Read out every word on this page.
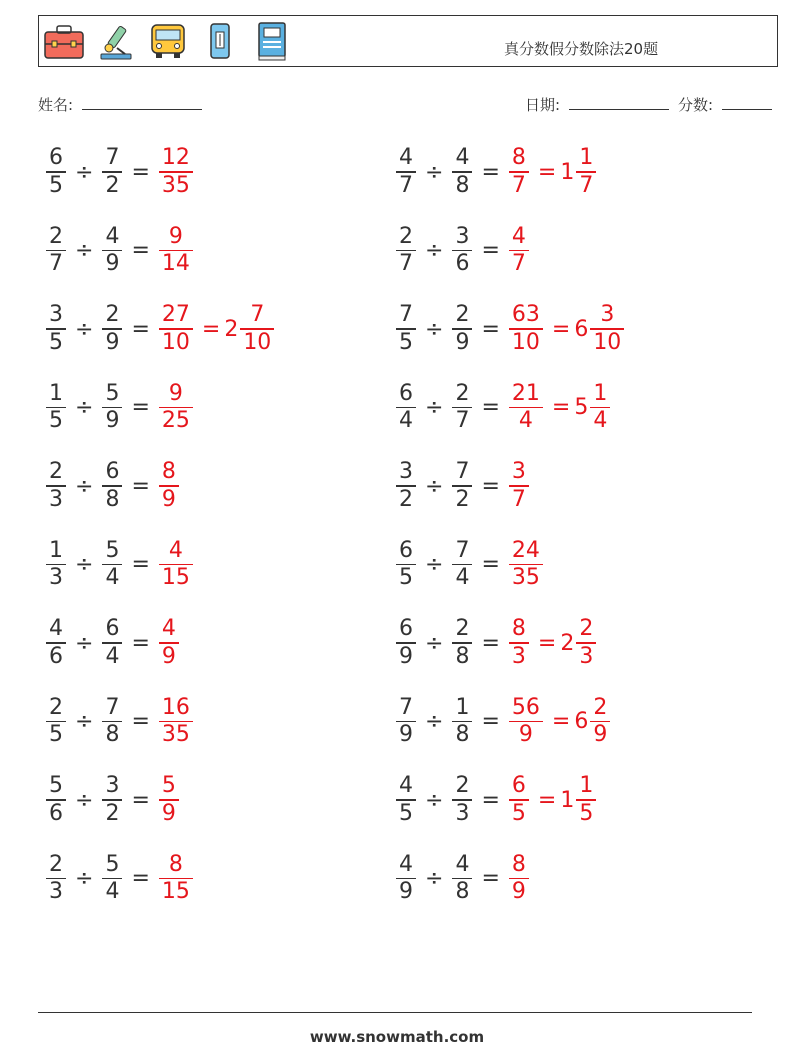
真分数假分数除法20题
姓名:	日期:	分数:
$\frac{6}{5} \div \frac{7}{2} = \frac{12}{35}$	$\frac{4}{7} \div \frac{4}{8} = \frac{8}{7} = 1 \frac{1}{7}$
$\frac{2}{7} \div \frac{4}{9} = \frac{9}{14}$	$\frac{2}{7} \div \frac{3}{6} = \frac{4}{7}$
$\frac{3}{5} \div \frac{2}{9} = \frac{27}{10} = 2 \frac{7}{10}$	$\frac{7}{5} \div \frac{2}{9} = \frac{63}{10} = 6 \frac{3}{10}$
$\frac{1}{5} \div \frac{5}{9} = \frac{9}{25}$	$\frac{6}{4} \div \frac{2}{7} = \frac{21}{4} = 5 \frac{1}{4}$
$\frac{2}{3} \div \frac{6}{8} = \frac{8}{9}$	$\frac{3}{2} \div \frac{7}{2} = \frac{3}{7}$
$\frac{1}{3} \div \frac{5}{4} = \frac{4}{15}$	$\frac{6}{5} \div \frac{7}{4} = \frac{24}{35}$
$\frac{4}{6} \div \frac{6}{4} = \frac{4}{9}$	$\frac{6}{9} \div \frac{2}{8} = \frac{8}{3} = 2 \frac{2}{3}$
$\frac{2}{5} \div \frac{7}{8} = \frac{16}{35}$	$\frac{7}{9} \div \frac{1}{8} = \frac{56}{9} = 6 \frac{2}{9}$
$\frac{5}{6} \div \frac{3}{2} = \frac{5}{9}$	$\frac{4}{5} \div \frac{2}{3} = \frac{6}{5} = 1 \frac{1}{5}$
$\frac{2}{3} \div \frac{5}{4} = \frac{8}{15}$	$\frac{4}{9} \div \frac{4}{8} = \frac{8}{9}$
www.snowmath.com
